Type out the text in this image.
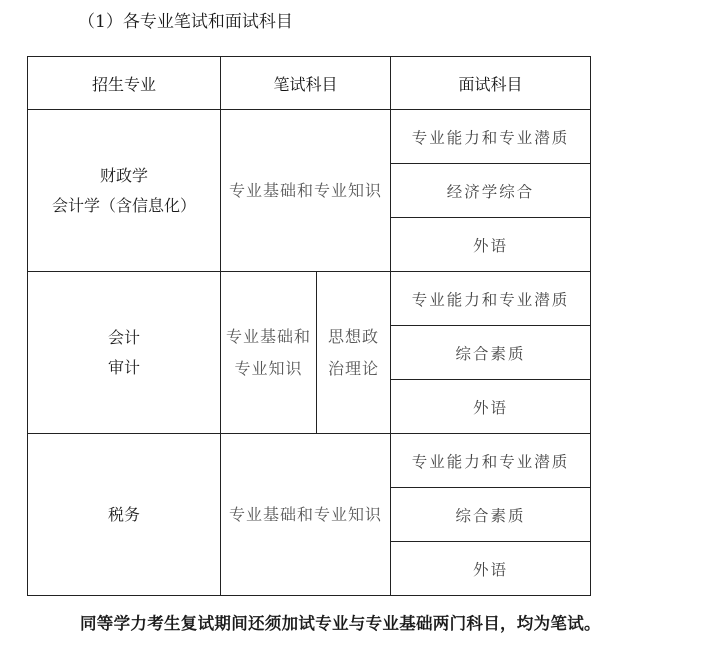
（1）各专业笔试和面试科目
招生专业	笔试科目		面试科目

财政学
会计学（含信息化）	专业基础和专业知识		专业能力和专业潜质
			经济学综合
			外语

会计
审计	专业基础和专业知识	思想政治理论	专业能力和专业潜质
			综合素质
			外语

税务	专业基础和专业知识		专业能力和专业潜质
			综合素质
			外语
同等学力考生复试期间还须加试专业与专业基础两门科目，均为笔试。
